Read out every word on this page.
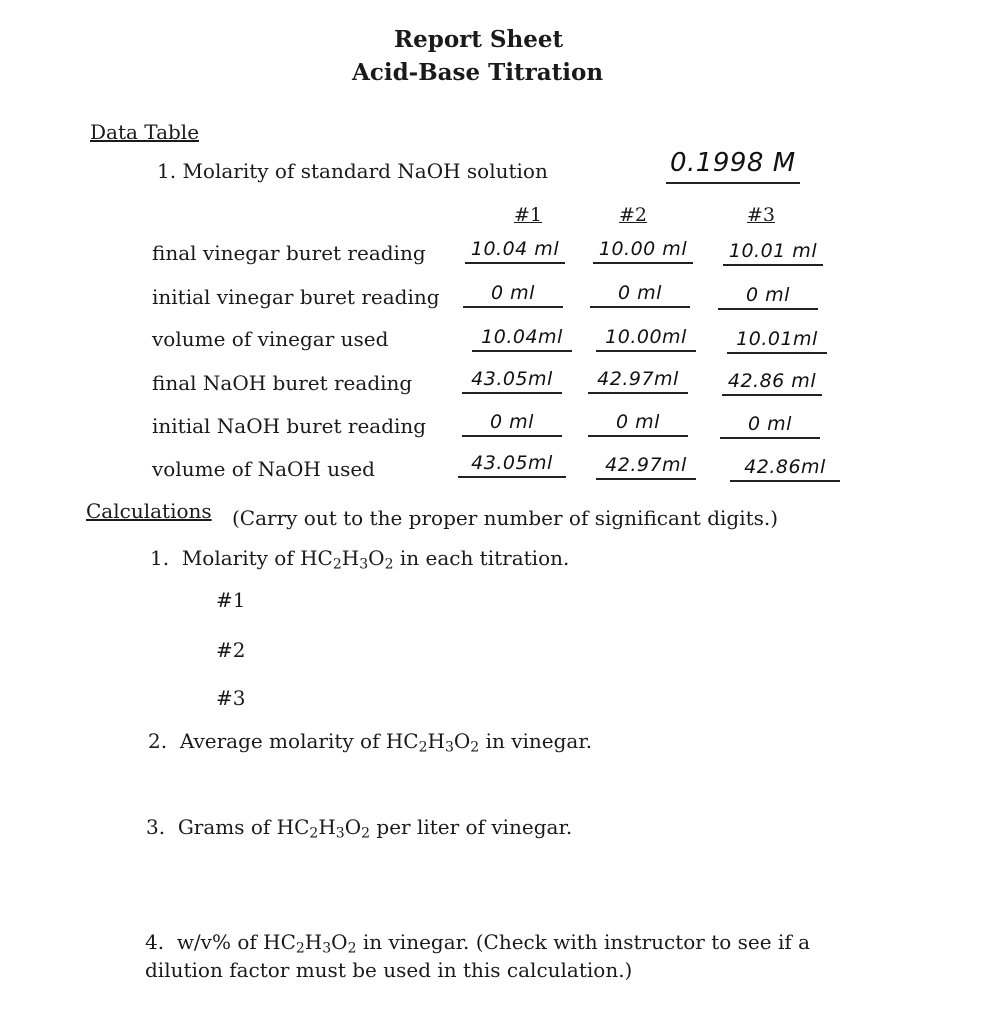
Report Sheet
Acid-Base Titration
Data Table
1. Molarity of standard NaOH solution	0.1998 M
#1	#2	#3
final vinegar buret reading	10.04 ml	10.00 ml	10.01 ml
initial vinegar buret reading	0 ml	0 ml	0 ml
volume of vinegar used	10.04ml	10.00ml	10.01ml
final NaOH buret reading	43.05ml	42.97ml	42.86 ml
initial NaOH buret reading	0 ml	0 ml	0 ml
volume of NaOH used	43.05ml	42.97ml	42.86ml
Calculations (Carry out to the proper number of significant digits.)
1. Molarity of $HC_2H_3O_2$ in each titration.
#1
#2
#3
2. Average molarity of $HC_2H_3O_2$ in vinegar.
3. Grams of $HC_2H_3O_2$ per liter of vinegar.
4. w/v% of $HC_2H_3O_2$ in vinegar. (Check with instructor to see if a
dilution factor must be used in this calculation.)
